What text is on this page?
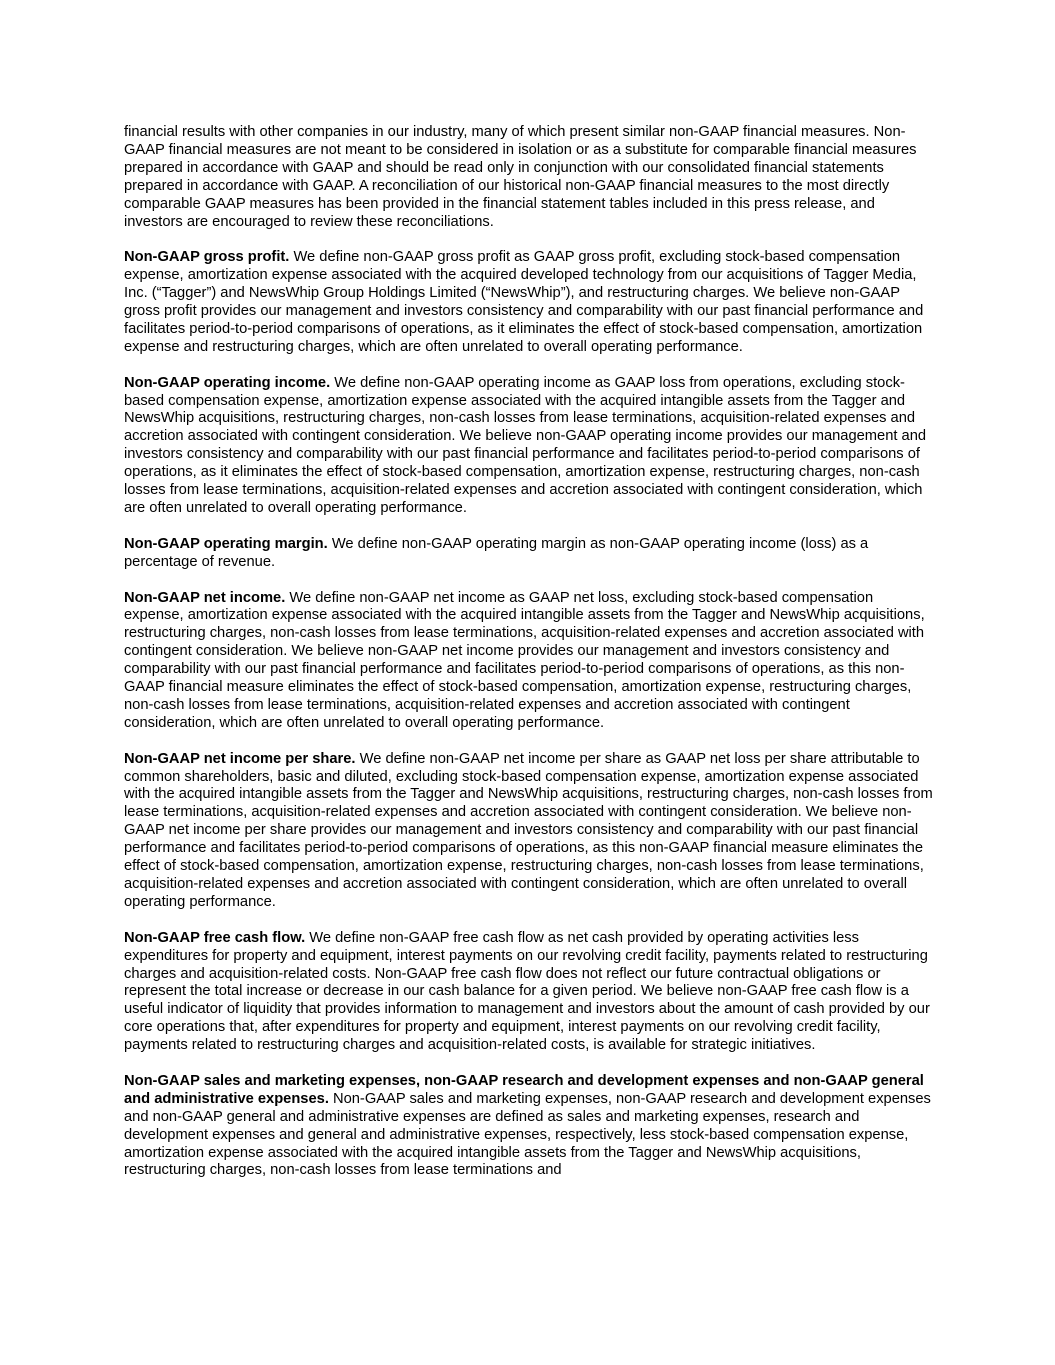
financial results with other companies in our industry, many of which present similar non-GAAP financial measures. Non-GAAP financial measures are not meant to be considered in isolation or as a substitute for comparable financial measures prepared in accordance with GAAP and should be read only in conjunction with our consolidated financial statements prepared in accordance with GAAP. A reconciliation of our historical non-GAAP financial measures to the most directly comparable GAAP measures has been provided in the financial statement tables included in this press release, and investors are encouraged to review these reconciliations.

Non-GAAP gross profit. We define non-GAAP gross profit as GAAP gross profit, excluding stock-based compensation expense, amortization expense associated with the acquired developed technology from our acquisitions of Tagger Media, Inc. (“Tagger”) and NewsWhip Group Holdings Limited (“NewsWhip”), and restructuring charges. We believe non-GAAP gross profit provides our management and investors consistency and comparability with our past financial performance and facilitates period-to-period comparisons of operations, as it eliminates the effect of stock-based compensation, amortization expense and restructuring charges, which are often unrelated to overall operating performance.

Non-GAAP operating income. We define non-GAAP operating income as GAAP loss from operations, excluding stock-based compensation expense, amortization expense associated with the acquired intangible assets from the Tagger and NewsWhip acquisitions, restructuring charges, non-cash losses from lease terminations, acquisition-related expenses and accretion associated with contingent consideration. We believe non-GAAP operating income provides our management and investors consistency and comparability with our past financial performance and facilitates period-to-period comparisons of operations, as it eliminates the effect of stock-based compensation, amortization expense, restructuring charges, non-cash losses from lease terminations, acquisition-related expenses and accretion associated with contingent consideration, which are often unrelated to overall operating performance.

Non-GAAP operating margin. We define non-GAAP operating margin as non-GAAP operating income (loss) as a percentage of revenue.

Non-GAAP net income. We define non-GAAP net income as GAAP net loss, excluding stock-based compensation expense, amortization expense associated with the acquired intangible assets from the Tagger and NewsWhip acquisitions, restructuring charges, non-cash losses from lease terminations, acquisition-related expenses and accretion associated with contingent consideration. We believe non-GAAP net income provides our management and investors consistency and comparability with our past financial performance and facilitates period-to-period comparisons of operations, as this non-GAAP financial measure eliminates the effect of stock-based compensation, amortization expense, restructuring charges, non-cash losses from lease terminations, acquisition-related expenses and accretion associated with contingent consideration, which are often unrelated to overall operating performance.

Non-GAAP net income per share. We define non-GAAP net income per share as GAAP net loss per share attributable to common shareholders, basic and diluted, excluding stock-based compensation expense, amortization expense associated with the acquired intangible assets from the Tagger and NewsWhip acquisitions, restructuring charges, non-cash losses from lease terminations, acquisition-related expenses and accretion associated with contingent consideration. We believe non-GAAP net income per share provides our management and investors consistency and comparability with our past financial performance and facilitates period-to-period comparisons of operations, as this non-GAAP financial measure eliminates the effect of stock-based compensation, amortization expense, restructuring charges, non-cash losses from lease terminations, acquisition-related expenses and accretion associated with contingent consideration, which are often unrelated to overall operating performance.

Non-GAAP free cash flow. We define non-GAAP free cash flow as net cash provided by operating activities less expenditures for property and equipment, interest payments on our revolving credit facility, payments related to restructuring charges and acquisition-related costs. Non-GAAP free cash flow does not reflect our future contractual obligations or represent the total increase or decrease in our cash balance for a given period. We believe non-GAAP free cash flow is a useful indicator of liquidity that provides information to management and investors about the amount of cash provided by our core operations that, after expenditures for property and equipment, interest payments on our revolving credit facility, payments related to restructuring charges and acquisition-related costs, is available for strategic initiatives.

Non-GAAP sales and marketing expenses, non-GAAP research and development expenses and non-GAAP general and administrative expenses. Non-GAAP sales and marketing expenses, non-GAAP research and development expenses and non-GAAP general and administrative expenses are defined as sales and marketing expenses, research and development expenses and general and administrative expenses, respectively, less stock-based compensation expense, amortization expense associated with the acquired intangible assets from the Tagger and NewsWhip acquisitions, restructuring charges, non-cash losses from lease terminations and
